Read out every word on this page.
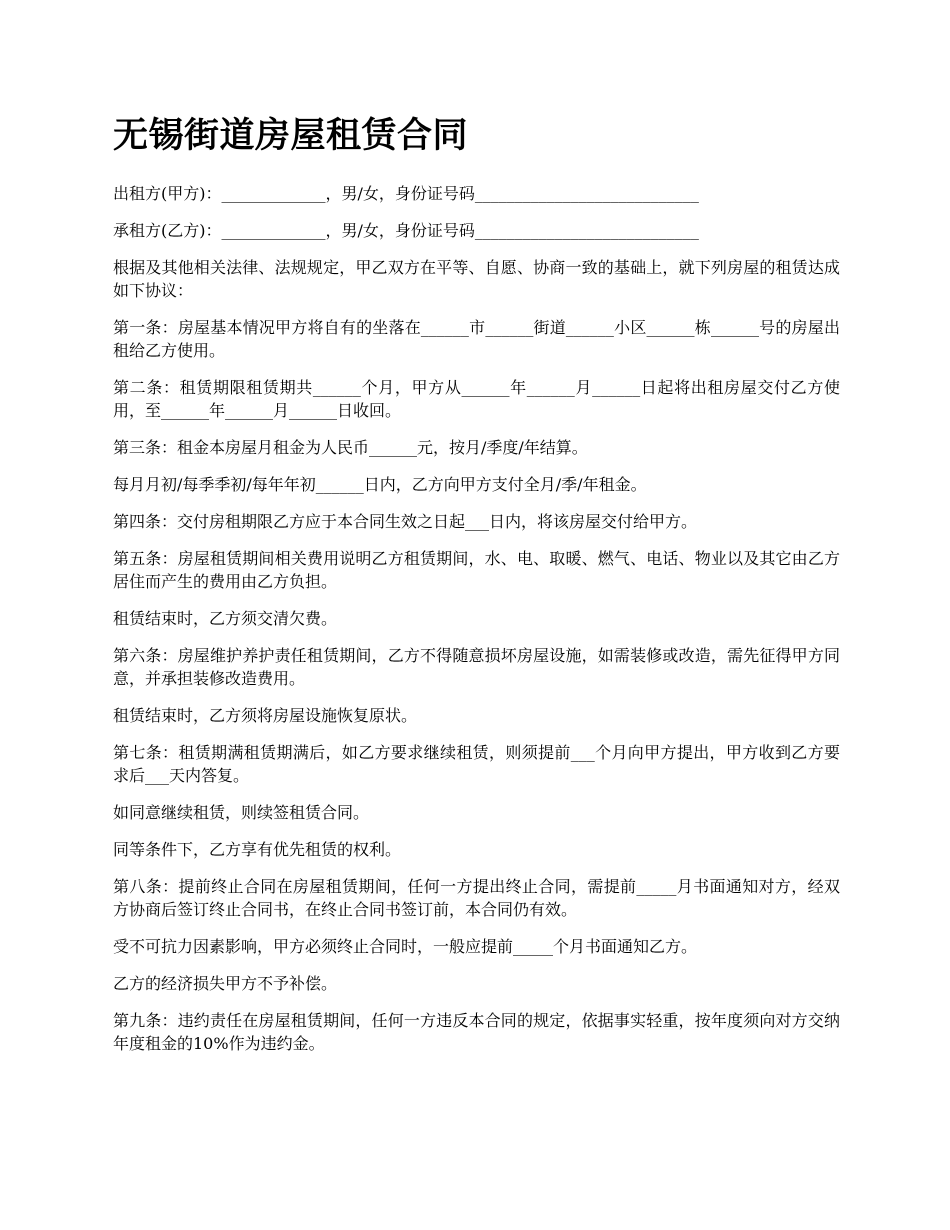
无锡街道房屋租赁合同

出租方(甲方)：_____________，男/女，身份证号码____________________________

承租方(乙方)：_____________，男/女，身份证号码____________________________

根据及其他相关法律、法规规定，甲乙双方在平等、自愿、协商一致的基础上，就下列房屋的租赁达成如下协议：

第一条：房屋基本情况甲方将自有的坐落在______市______街道______小区______栋______号的房屋出租给乙方使用。

第二条：租赁期限租赁期共______个月，甲方从______年______月______日起将出租房屋交付乙方使用，至______年______月______日收回。

第三条：租金本房屋月租金为人民币______元，按月/季度/年结算。

每月月初/每季季初/每年年初______日内，乙方向甲方支付全月/季/年租金。

第四条：交付房租期限乙方应于本合同生效之日起___日内，将该房屋交付给甲方。

第五条：房屋租赁期间相关费用说明乙方租赁期间，水、电、取暖、燃气、电话、物业以及其它由乙方居住而产生的费用由乙方负担。

租赁结束时，乙方须交清欠费。

第六条：房屋维护养护责任租赁期间，乙方不得随意损坏房屋设施，如需装修或改造，需先征得甲方同意，并承担装修改造费用。

租赁结束时，乙方须将房屋设施恢复原状。

第七条：租赁期满租赁期满后，如乙方要求继续租赁，则须提前___个月向甲方提出，甲方收到乙方要求后___天内答复。

如同意继续租赁，则续签租赁合同。

同等条件下，乙方享有优先租赁的权利。

第八条：提前终止合同在房屋租赁期间，任何一方提出终止合同，需提前_____月书面通知对方，经双方协商后签订终止合同书，在终止合同书签订前，本合同仍有效。

受不可抗力因素影响，甲方必须终止合同时，一般应提前_____个月书面通知乙方。

乙方的经济损失甲方不予补偿。

第九条：违约责任在房屋租赁期间，任何一方违反本合同的规定，依据事实轻重，按年度须向对方交纳年度租金的10%作为违约金。
